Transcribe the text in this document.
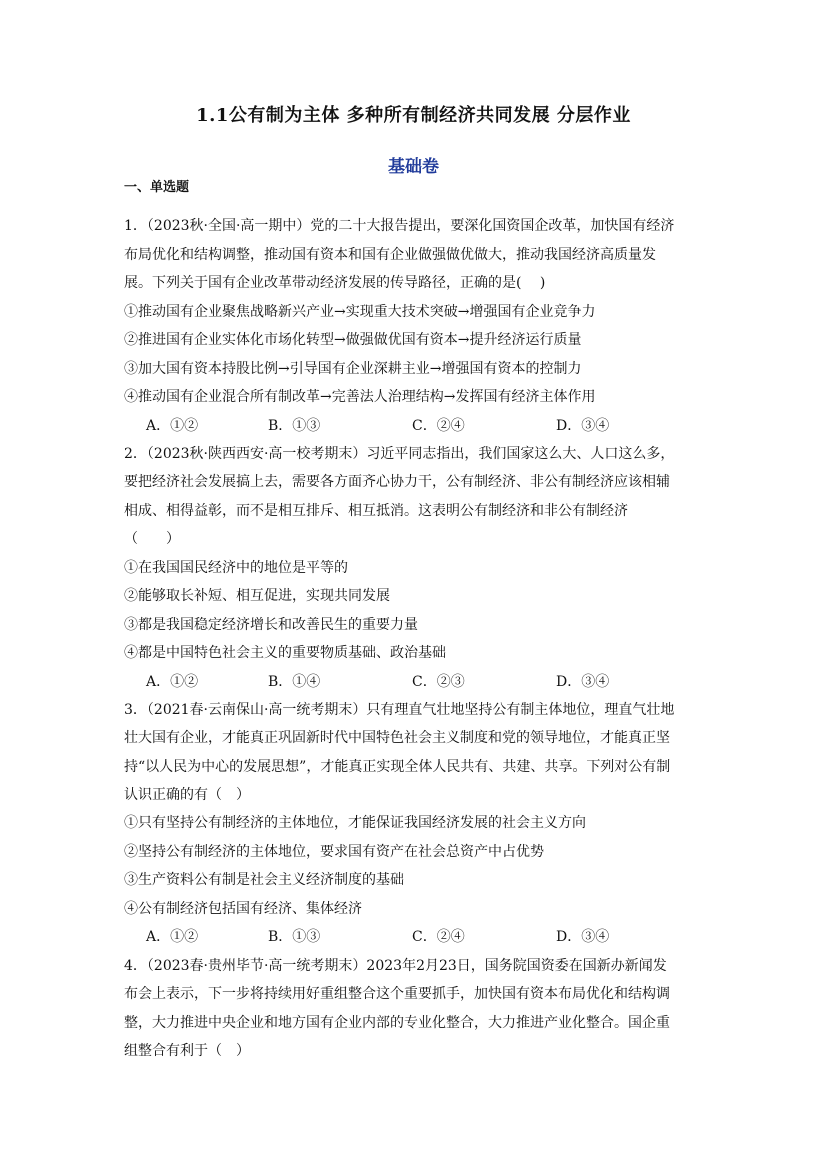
1.1公有制为主体 多种所有制经济共同发展 分层作业
基础卷
一、单选题
1．（2023秋·全国·高一期中）党的二十大报告提出，要深化国资国企改革，加快国有经济
布局优化和结构调整，推动国有资本和国有企业做强做优做大，推动我国经济高质量发
展。下列关于国有企业改革带动经济发展的传导路径，正确的是(　 )
①推动国有企业聚焦战略新兴产业→实现重大技术突破→增强国有企业竞争力
②推进国有企业实体化市场化转型→做强做优国有资本→提升经济运行质量
③加大国有资本持股比例→引导国有企业深耕主业→增强国有资本的控制力
④推动国有企业混合所有制改革→完善法人治理结构→发挥国有经济主体作用
A．①②	B．①③	C．②④	D．③④
2．（2023秋·陕西西安·高一校考期末）习近平同志指出，我们国家这么大、人口这么多，
要把经济社会发展搞上去，需要各方面齐心协力干，公有制经济、非公有制经济应该相辅
相成、相得益彰，而不是相互排斥、相互抵消。这表明公有制经济和非公有制经济
（　　）
①在我国国民经济中的地位是平等的
②能够取长补短、相互促进，实现共同发展
③都是我国稳定经济增长和改善民生的重要力量
④都是中国特色社会主义的重要物质基础、政治基础
A．①②	B．①④	C．②③	D．③④
3．（2021春·云南保山·高一统考期末）只有理直气壮地坚持公有制主体地位，理直气壮地
壮大国有企业，才能真正巩固新时代中国特色社会主义制度和党的领导地位，才能真正坚
持“以人民为中心的发展思想”，才能真正实现全体人民共有、共建、共享。下列对公有制
认识正确的有（　）
①只有坚持公有制经济的主体地位，才能保证我国经济发展的社会主义方向
②坚持公有制经济的主体地位，要求国有资产在社会总资产中占优势
③生产资料公有制是社会主义经济制度的基础
④公有制经济包括国有经济、集体经济
A．①②	B．①③	C．②④	D．③④
4．（2023春·贵州毕节·高一统考期末）2023年2月23日，国务院国资委在国新办新闻发
布会上表示，下一步将持续用好重组整合这个重要抓手，加快国有资本布局优化和结构调
整，大力推进中央企业和地方国有企业内部的专业化整合，大力推进产业化整合。国企重
组整合有利于（　）
